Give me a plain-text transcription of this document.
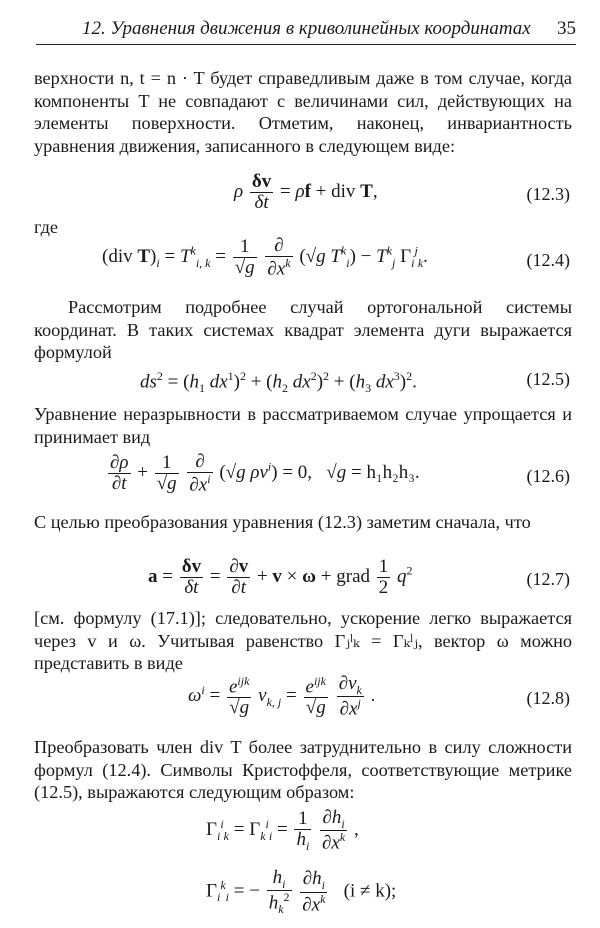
12. Уравнения движения в криволинейных координатах 35
верхности n, t = n · T будет справедливым даже в том случае, когда компоненты T не совпадают с величинами сил, действующих на элементы поверхности. Отметим, наконец, инвариантность уравнения движения, записанного в следующем виде:
ρ $\frac{\delta v}{\delta t} = \rho f$ + div T,	(12.3)
где
(div $T)_i = T^k_{i, k} = \frac{1}{√g}$
$\frac{\partial}{\partial x^k} (√g$ $T^k_i) - T^k_j$ $\Gamma_i^j_k$.	(12.4)
Рассмотрим подробнее случай ортогональной системы координат. В таких системах квадрат элемента дуги выражается формулой
$ds^2 = (h_1$ $dx^1)^2 + (h_2$ $dx^2)^2 + (h_3$ $dx^3)^2$.	(12.5)
Уравнение неразрывности в рассматриваемом случае упрощается и принимает вид
$\frac{\partial\rho}{\partial t} + \frac{1}{√g}$
$\frac{\partial}{\partial x^i} (√g$ $\rho v^i) = 0$,   √g = h₁h₂h₃.	(12.6)
С целью преобразования уравнения (12.3) заметим сначала, что
$a = \frac{\delta v}{\delta t} = \frac{\partial v}{\partial t} + v \times \omega$ + grad $\frac{1}{2} q^2$	(12.7)
[см. формулу (17.1)]; следовательно, ускорение легко выражается через v и ω. Учитывая равенство Γⱼˡₖ = Γₖˡⱼ, вектор ω можно представить в виде
$\omega^i = \frac{e^{ijk}}{√g} v_{k, j} = \frac{e^{ijk}}{√g}$
$\frac{\partial v_k}{\partial x^j}$ .	(12.8)
Преобразовать член div T более затруднительно в силу сложности формул (12.4). Символы Кристоффеля, соответствующие метрике (12.5), выражаются следующим образом:
$\Gamma_i^i_k = \Gamma_k^i_i = \frac{1}{h_i}$
$\frac{\partial h_i}{\partial x^k}$ ,
$\Gamma_i^k_i$ = − $\frac{h_i}{h_k^2}$
$\frac{\partial h_i}{\partial x^k} (i \ne k)$;
